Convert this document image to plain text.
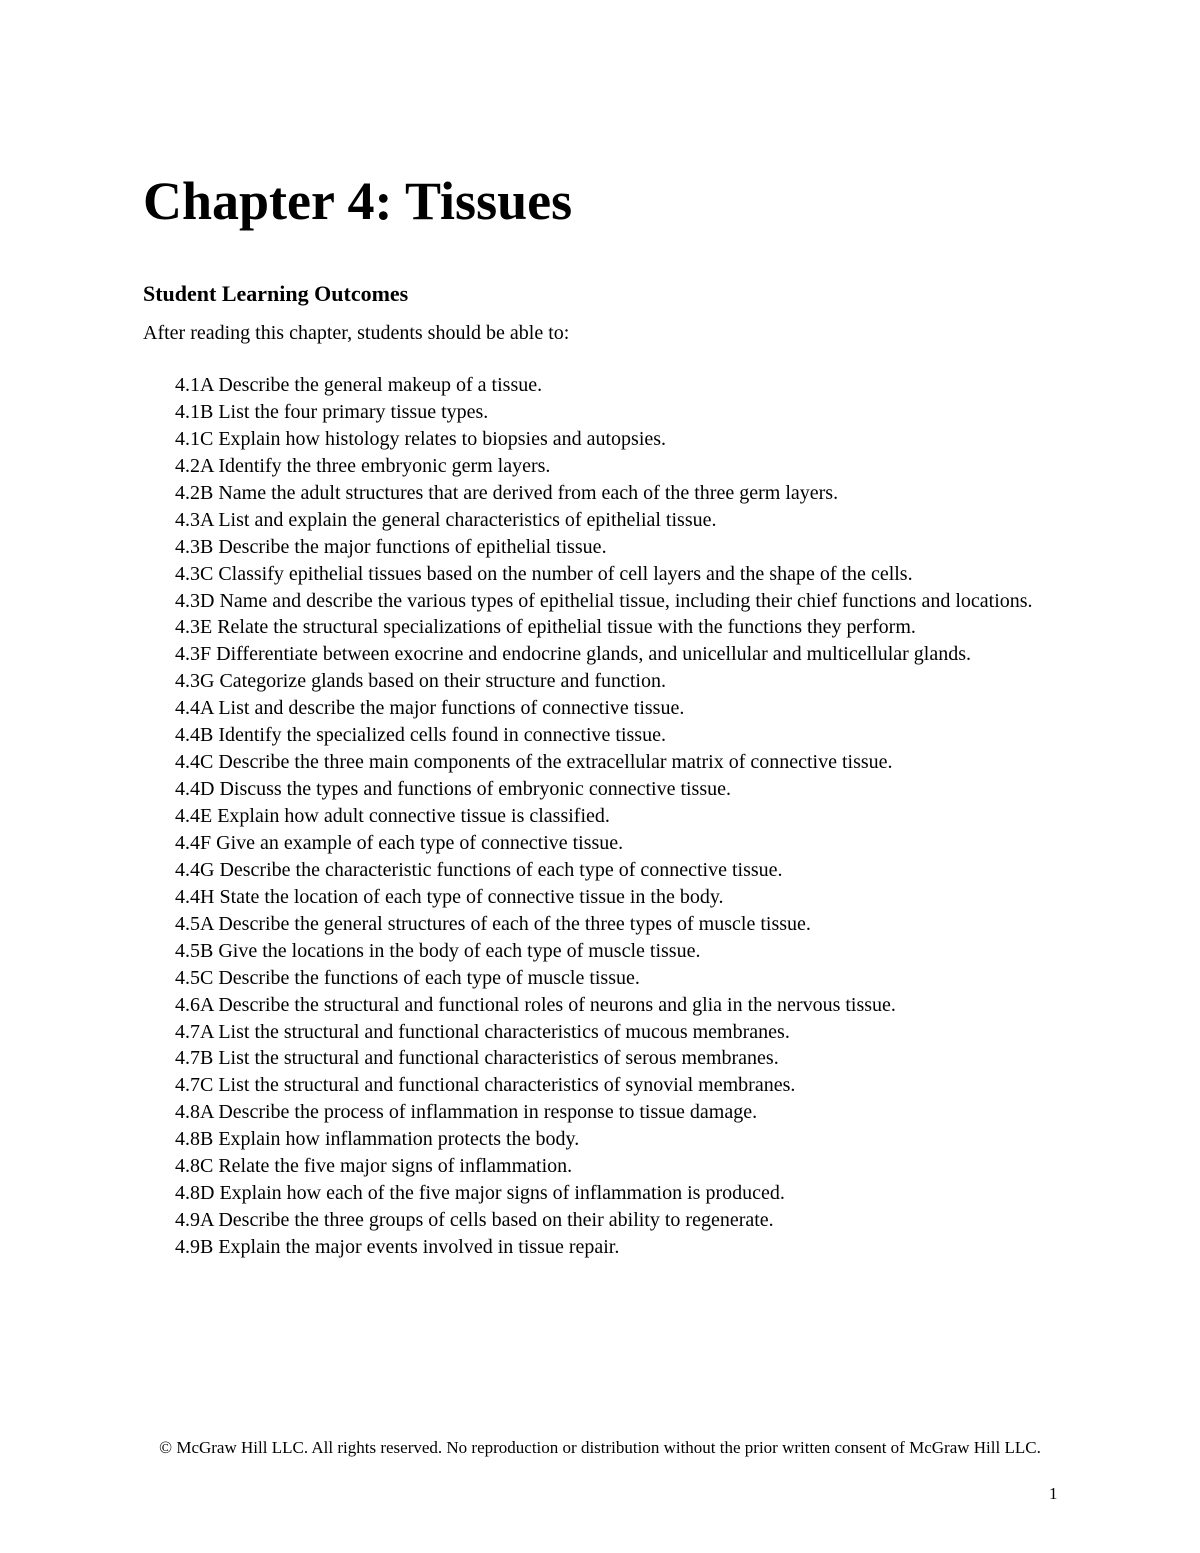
Chapter 4: Tissues
Student Learning Outcomes

After reading this chapter, students should be able to:

4.1A Describe the general makeup of a tissue.
4.1B List the four primary tissue types.
4.1C Explain how histology relates to biopsies and autopsies.
4.2A Identify the three embryonic germ layers.
4.2B Name the adult structures that are derived from each of the three germ layers.
4.3A List and explain the general characteristics of epithelial tissue.
4.3B Describe the major functions of epithelial tissue.
4.3C Classify epithelial tissues based on the number of cell layers and the shape of the cells.
4.3D Name and describe the various types of epithelial tissue, including their chief functions and locations.
4.3E Relate the structural specializations of epithelial tissue with the functions they perform.
4.3F Differentiate between exocrine and endocrine glands, and unicellular and multicellular glands.
4.3G Categorize glands based on their structure and function.
4.4A List and describe the major functions of connective tissue.
4.4B Identify the specialized cells found in connective tissue.
4.4C Describe the three main components of the extracellular matrix of connective tissue.
4.4D Discuss the types and functions of embryonic connective tissue.
4.4E Explain how adult connective tissue is classified.
4.4F Give an example of each type of connective tissue.
4.4G Describe the characteristic functions of each type of connective tissue.
4.4H State the location of each type of connective tissue in the body.
4.5A Describe the general structures of each of the three types of muscle tissue.
4.5B Give the locations in the body of each type of muscle tissue.
4.5C Describe the functions of each type of muscle tissue.
4.6A Describe the structural and functional roles of neurons and glia in the nervous tissue.
4.7A List the structural and functional characteristics of mucous membranes.
4.7B List the structural and functional characteristics of serous membranes.
4.7C List the structural and functional characteristics of synovial membranes.
4.8A Describe the process of inflammation in response to tissue damage.
4.8B Explain how inflammation protects the body.
4.8C Relate the five major signs of inflammation.
4.8D Explain how each of the five major signs of inflammation is produced.
4.9A Describe the three groups of cells based on their ability to regenerate.
4.9B Explain the major events involved in tissue repair.
© McGraw Hill LLC. All rights reserved. No reproduction or distribution without the prior written consent of McGraw Hill LLC.
1
